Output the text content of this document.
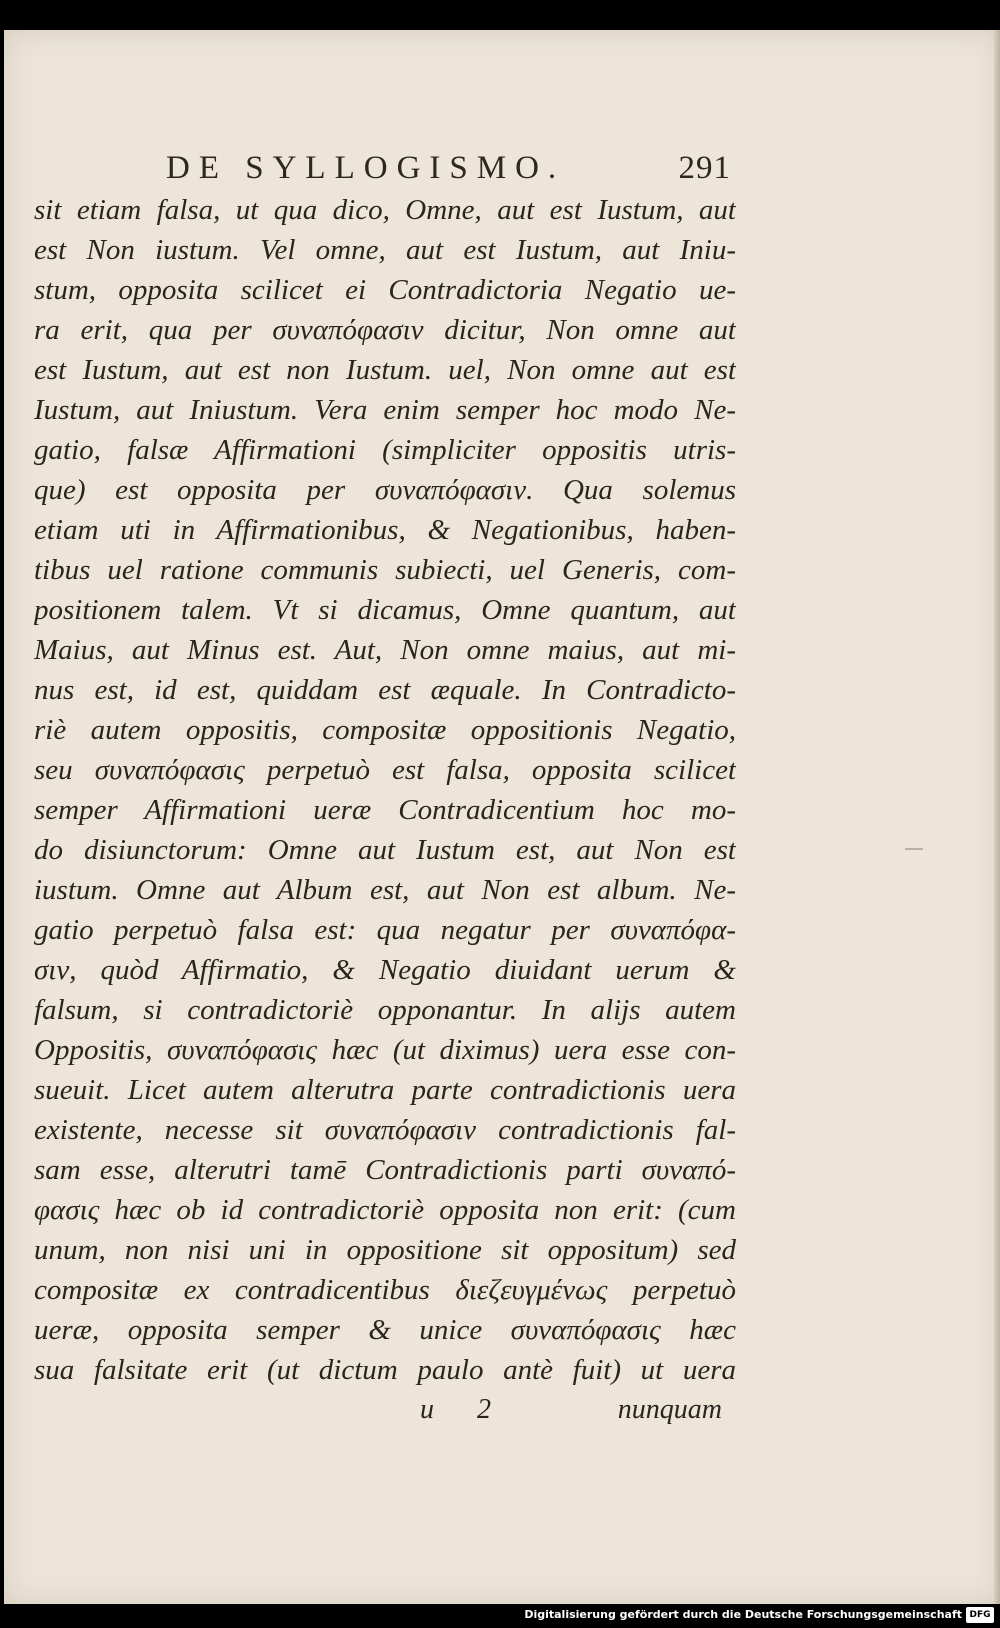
DE SYLLOGISMO.	291
sit etiam falsa, ut qua dico, Omne, aut est Iustum, aut
est Non iustum. Vel omne, aut est Iustum, aut Iniu-
stum, opposita scilicet ei Contradictoria Negatio ue-
ra erit, qua per συναπόφασιν dicitur, Non omne aut
est Iustum, aut est non Iustum. uel, Non omne aut est
Iustum, aut Iniustum. Vera enim semper hoc modo Ne-
gatio, falsæ Affirmationi (simpliciter oppositis utris-
que) est opposita per συναπόφασιν. Qua solemus
etiam uti in Affirmationibus, & Negationibus, haben-
tibus uel ratione communis subiecti, uel Generis, com-
positionem talem. Vt si dicamus, Omne quantum, aut
Maius, aut Minus est. Aut, Non omne maius, aut mi-
nus est, id est, quiddam est æquale. In Contradicto-
riè autem oppositis, compositæ oppositionis Negatio,
seu συναπόφασις perpetuò est falsa, opposita scilicet
semper Affirmationi ueræ Contradicentium hoc mo-
do disiunctorum: Omne aut Iustum est, aut Non est
iustum. Omne aut Album est, aut Non est album. Ne-
gatio perpetuò falsa est: qua negatur per συναπόφα-
σιν, quòd Affirmatio, & Negatio diuidant uerum &
falsum, si contradictoriè opponantur. In alijs autem
Oppositis, συναπόφασις hæc (ut diximus) uera esse con-
sueuit. Licet autem alterutra parte contradictionis uera
existente, necesse sit συναπόφασιν contradictionis fal-
sam esse, alterutri tamē Contradictionis parti συναπό-
φασις hæc ob id contradictoriè opposita non erit: (cum
unum, non nisi uni in oppositione sit oppositum) sed
compositæ ex contradicentibus διεζευγμένως perpetuò
ueræ, opposita semper & unice συναπόφασις hæc
sua falsitate erit (ut dictum paulo antè fuit) ut uera
u 2	nunquam
Digitalisierung gefördert durch die Deutsche Forschungsgemeinschaft DFG
